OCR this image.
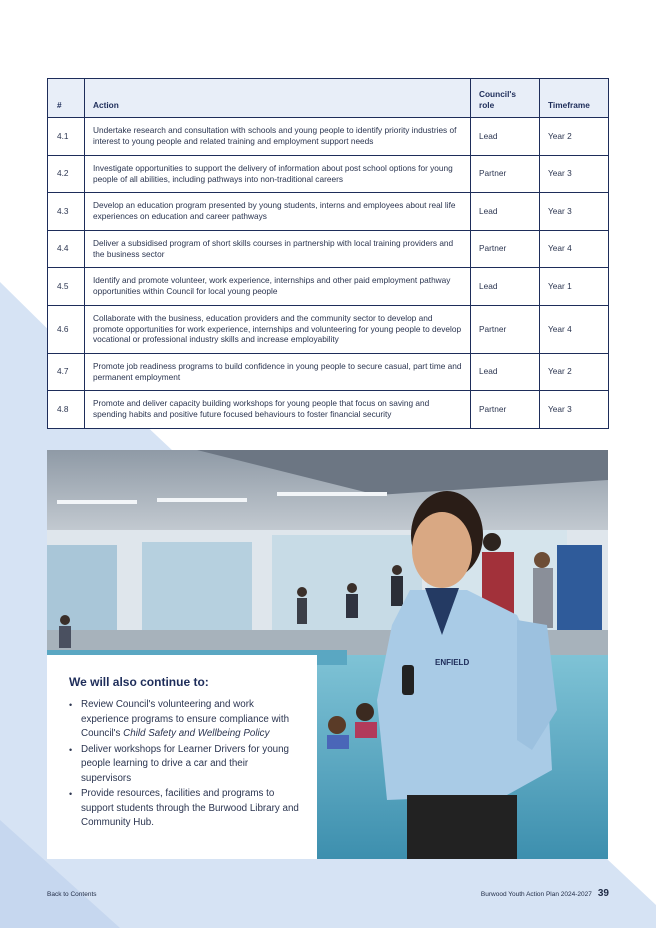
#	Action	Council's role	Timeframe
4.1	Undertake research and consultation with schools and young people to identify priority industries of interest to young people and related training and employment support needs	Lead	Year 2
4.2	Investigate opportunities to support the delivery of information about post school options for young people of all abilities, including pathways into non-traditional careers	Partner	Year 3
4.3	Develop an education program presented by young students, interns and employees about real life experiences on education and career pathways	Lead	Year 3
4.4	Deliver a subsidised program of short skills courses in partnership with local training providers and the business sector	Partner	Year 4
4.5	Identify and promote volunteer, work experience, internships and other paid employment pathway opportunities within Council for local young people	Lead	Year 1
4.6	Collaborate with the business, education providers and the community sector to develop and promote opportunities for work experience, internships and volunteering for young people to develop vocational or professional industry skills and increase employability	Partner	Year 4
4.7	Promote job readiness programs to build confidence in young people to secure casual, part time and permanent employment	Lead	Year 2
4.8	Promote and deliver capacity building workshops for young people that focus on saving and spending habits and positive future focused behaviours to foster financial security	Partner	Year 3
ENFIELD
We will also continue to:
• Review Council's volunteering and work experience programs to ensure compliance with Council's Child Safety and Wellbeing Policy
• Deliver workshops for Learner Drivers for young people learning to drive a car and their supervisors
• Provide resources, facilities and programs to support students through the Burwood Library and Community Hub.
Back to Contents	Burwood Youth Action Plan 2024-2027 39
